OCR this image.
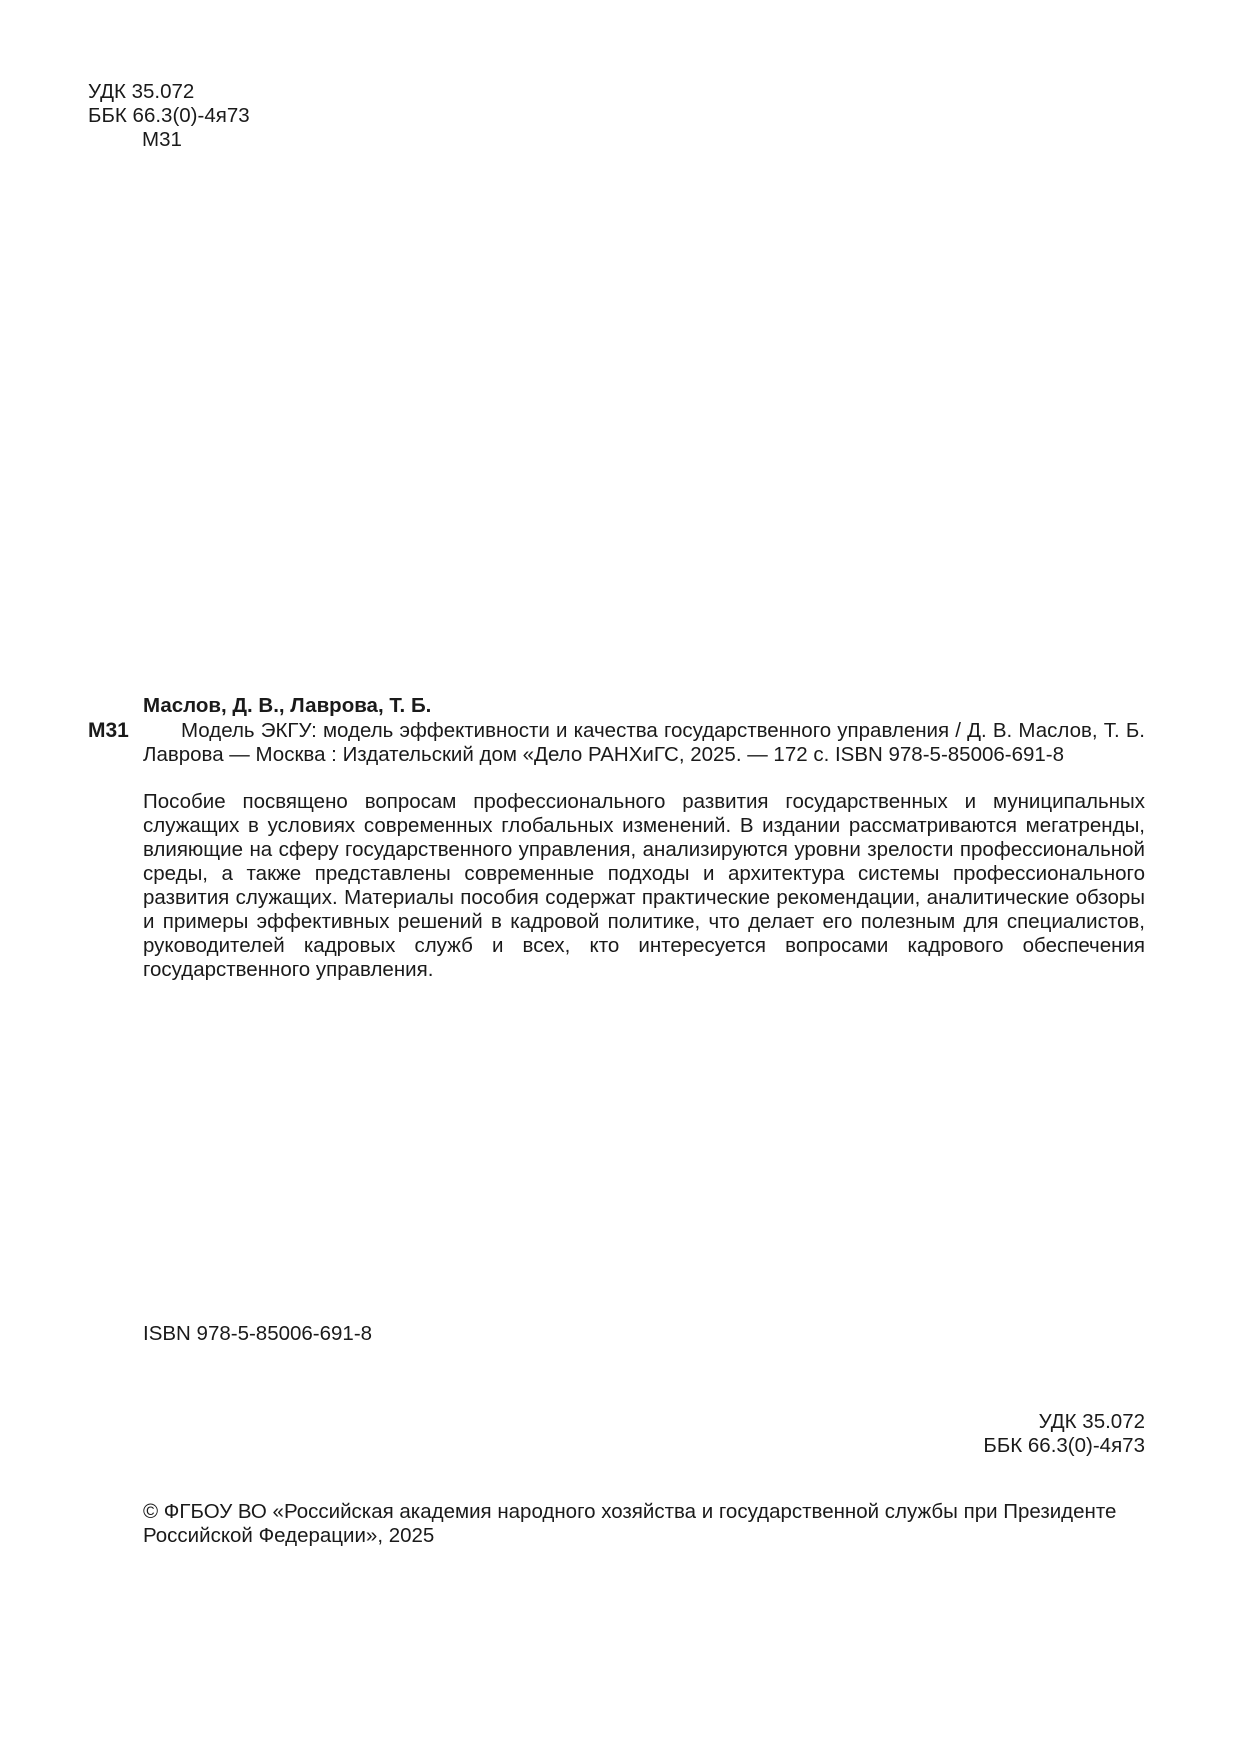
УДК 35.072
ББК 66.3(0)-4я73
М31
М31

Маслов, Д. В., Лаврова, Т. Б.

Модель ЭКГУ: модель эффективности и качества государственного управления / Д. В. Маслов, Т. Б. Лаврова — Москва : Издательский дом «Дело РАНХиГС, 2025. — 172 с. ISBN 978-5-85006-691-8

Пособие посвящено вопросам профессионального развития государственных и муниципальных служащих в условиях современных глобальных изменений. В издании рассматриваются мегатренды, влияющие на сферу государственного управления, анализируются уровни зрелости профессиональной среды, а также представлены современные подходы и архитектура системы профессионального развития служащих. Материалы пособия содержат практические рекомендации, аналитические обзоры и примеры эффективных решений в кадровой политике, что делает его полезным для специалистов, руководителей кадровых служб и всех, кто интересуется вопросами кадрового обеспечения государственного управления.

ISBN 978-5-85006-691-8
УДК 35.072
ББК 66.3(0)-4я73
© ФГБОУ ВО «Российская академия народного хозяйства и государственной службы при Президенте Российской Федерации», 2025
